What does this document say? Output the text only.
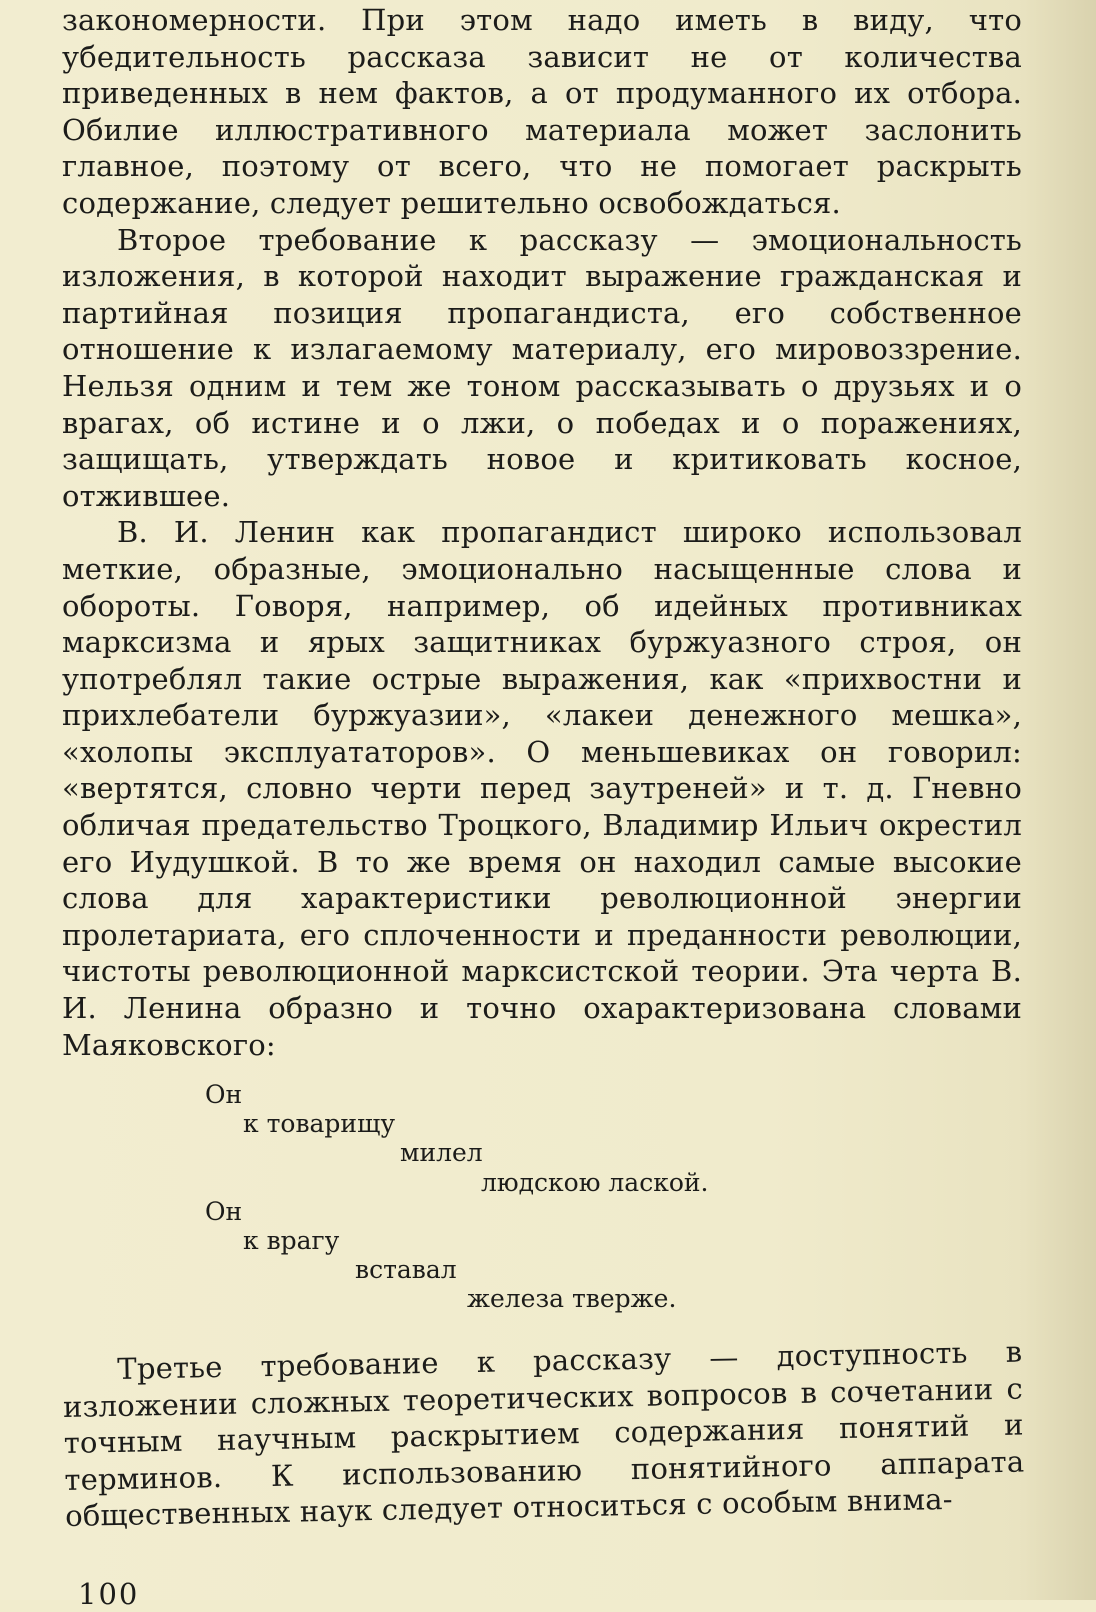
закономерности. При этом надо иметь в виду, что убедительность рассказа зависит не от количества приведенных в нем фактов, а от продуманного их отбора. Обилие иллюстративного материала может заслонить главное, поэтому от всего, что не помогает раскрыть содержание, следует решительно освобождаться.

Второе требование к рассказу — эмоциональность изложения, в которой находит выражение гражданская и партийная позиция пропагандиста, его собственное отношение к излагаемому материалу, его мировоззрение. Нельзя одним и тем же тоном рассказывать о друзьях и о врагах, об истине и о лжи, о победах и о поражениях, защищать, утверждать новое и критиковать косное, отжившее.

В. И. Ленин как пропагандист широко использовал меткие, образные, эмоционально насыщенные слова и обороты. Говоря, например, об идейных противниках марксизма и ярых защитниках буржуазного строя, он употреблял такие острые выражения, как «прихвостни и прихлебатели буржуазии», «лакеи денежного мешка», «холопы эксплуататоров». О меньшевиках он говорил: «вертятся, словно черти перед заутреней» и т. д. Гневно обличая предательство Троцкого, Владимир Ильич окрестил его Иудушкой. В то же время он находил самые высокие слова для характеристики революционной энергии пролетариата, его сплоченности и преданности революции, чистоты революционной марксистской теории. Эта черта В. И. Ленина образно и точно охарактеризована словами Маяковского:

Он
к товарищу
милел
людскою лаской.
Он
к врагу
вставал
железа тверже.

Третье требование к рассказу — доступность в изложении сложных теоретических вопросов в сочетании с точным научным раскрытием содержания понятий и терминов. К использованию понятийного аппарата общественных наук следует относиться с особым внима-

100
